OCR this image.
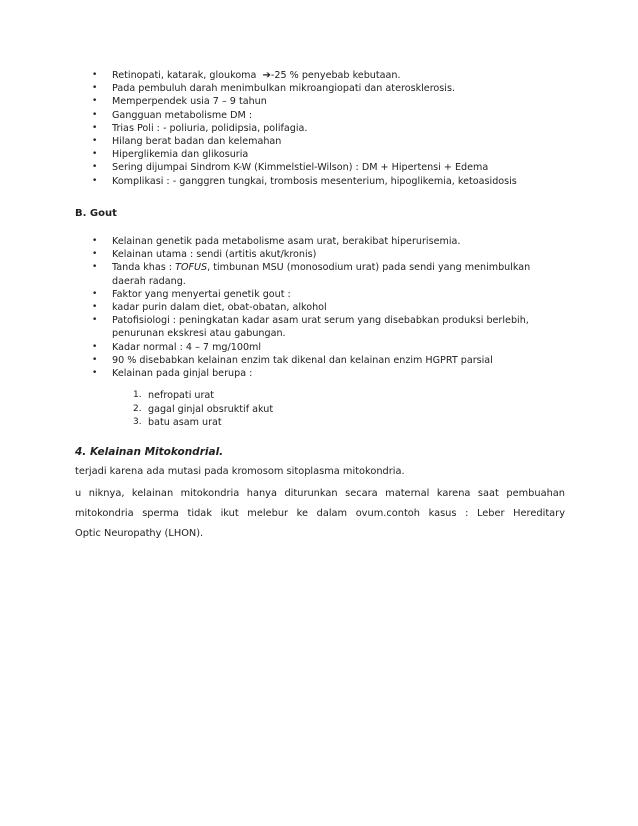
• Retinopati, katarak, gloukoma ➔-25 % penyebab kebutaan.
• Pada pembuluh darah menimbulkan mikroangiopati dan aterosklerosis.
• Memperpendek usia 7 – 9 tahun
• Gangguan metabolisme DM :
• Trias Poli : - poliuria, polidipsia, polifagia.
• Hilang berat badan dan kelemahan
• Hiperglikemia dan glikosuria
• Sering dijumpai Sindrom K-W (Kimmelstiel-Wilson) : DM + Hipertensi + Edema
• Komplikasi : - ganggren tungkai, trombosis mesenterium, hipoglikemia, ketoasidosis
B. Gout
• Kelainan genetik pada metabolisme asam urat, berakibat hiperurisemia.
• Kelainan utama : sendi (artitis akut/kronis)
• Tanda khas : TOFUS, timbunan MSU (monosodium urat) pada sendi yang menimbulkan daerah radang.
• Faktor yang menyertai genetik gout :
• kadar purin dalam diet, obat-obatan, alkohol
• Patofisiologi : peningkatan kadar asam urat serum yang disebabkan produksi berlebih, penurunan ekskresi atau gabungan.
• Kadar normal : 4 – 7 mg/100ml
• 90 % disebabkan kelainan enzim tak dikenal dan kelainan enzim HGPRT parsial
• Kelainan pada ginjal berupa :
1. nefropati urat
2. gagal ginjal obsruktif akut
3. batu asam urat
4. Kelainan Mitokondrial.
terjadi karena ada mutasi pada kromosom sitoplasma mitokondria.
u niknya, kelainan mitokondria hanya diturunkan secara maternal karena saat pembuahan
mitokondria sperma tidak ikut melebur ke dalam ovum.contoh kasus : Leber Hereditary
Optic Neuropathy (LHON).
